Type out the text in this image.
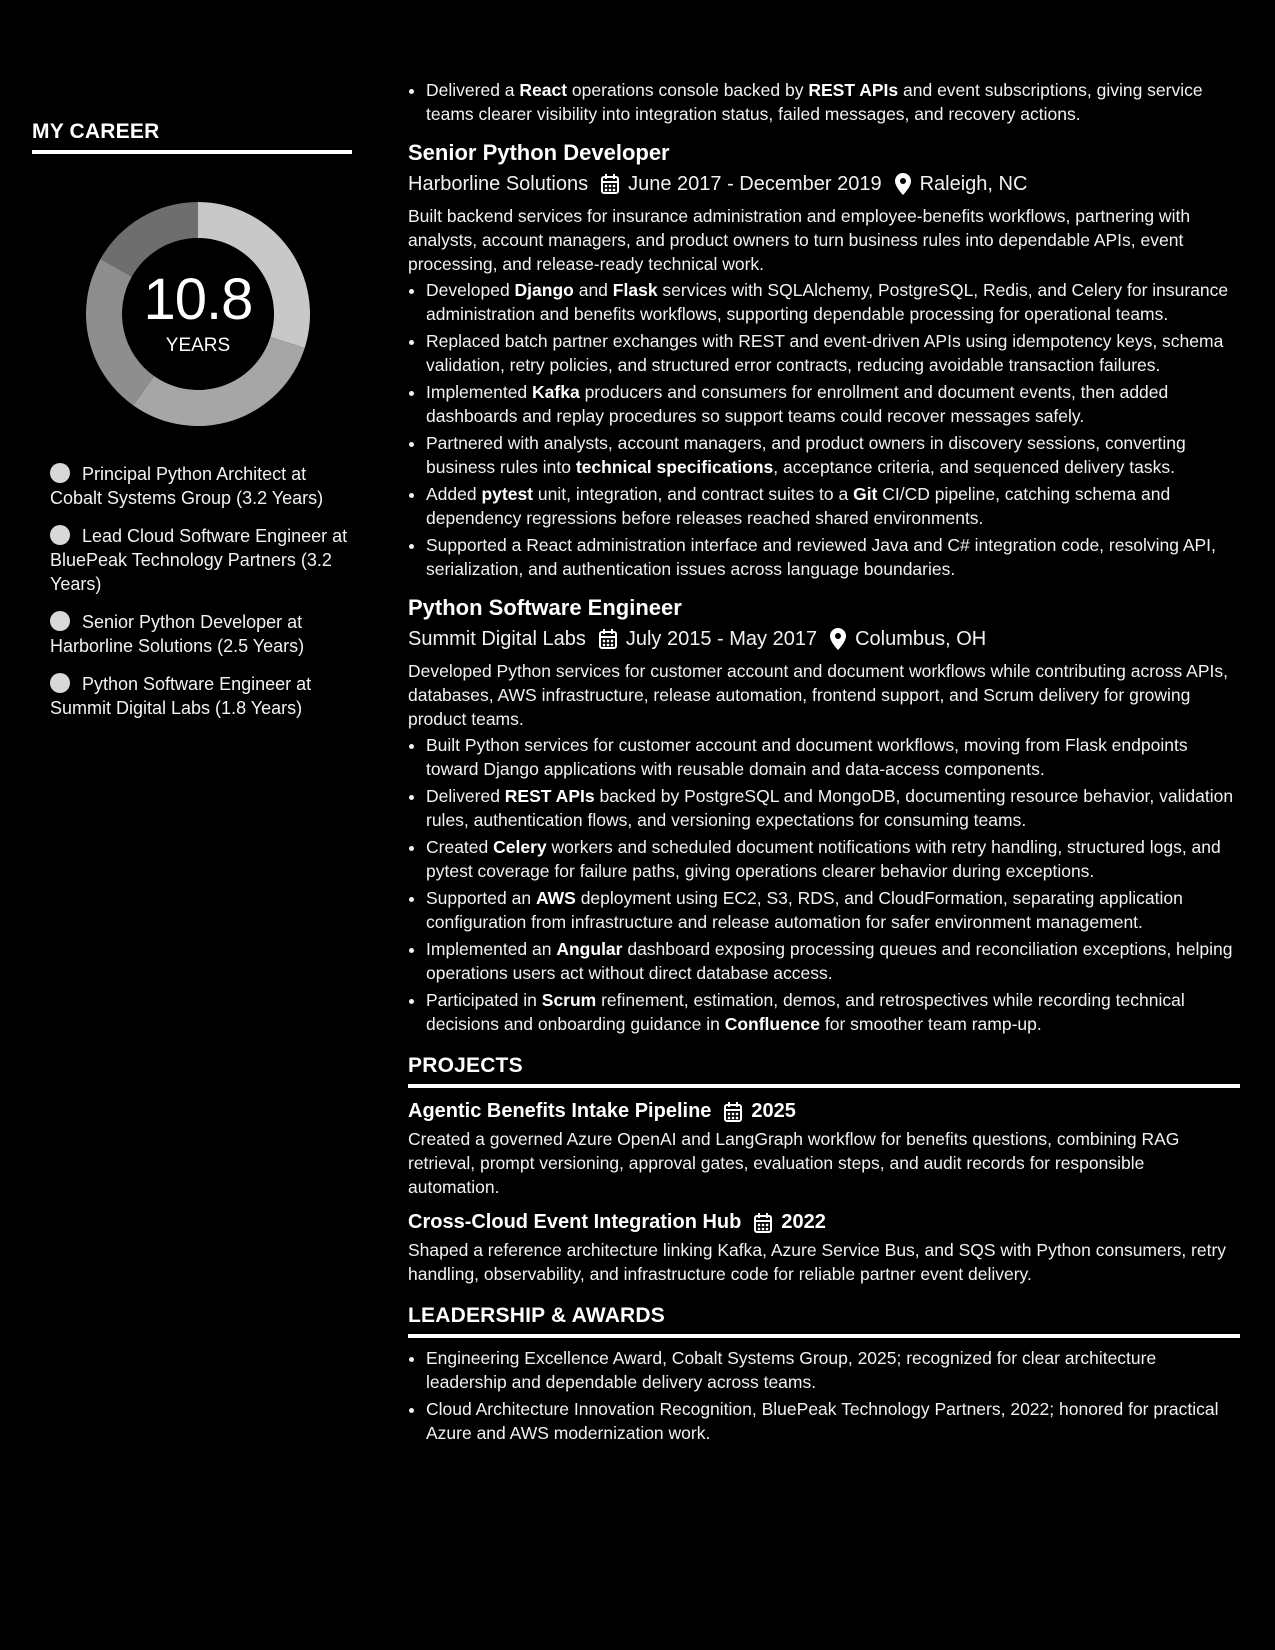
MY CAREER
10.8
YEARS
Principal Python Architect at Cobalt Systems Group (3.2 Years)
Lead Cloud Software Engineer at BluePeak Technology Partners (3.2 Years)
Senior Python Developer at Harborline Solutions (2.5 Years)
Python Software Engineer at Summit Digital Labs (1.8 Years)
• Delivered a React operations console backed by REST APIs and event subscriptions, giving service teams clearer visibility into integration status, failed messages, and recovery actions.
Senior Python Developer
Harborline Solutions June 2017 - December 2019 Raleigh, NC

Built backend services for insurance administration and employee-benefits workflows, partnering with analysts, account managers, and product owners to turn business rules into dependable APIs, event processing, and release-ready technical work.

• Developed Django and Flask services with SQLAlchemy, PostgreSQL, Redis, and Celery for insurance administration and benefits workflows, supporting dependable processing for operational teams.
• Replaced batch partner exchanges with REST and event-driven APIs using idempotency keys, schema validation, retry policies, and structured error contracts, reducing avoidable transaction failures.
• Implemented Kafka producers and consumers for enrollment and document events, then added dashboards and replay procedures so support teams could recover messages safely.
• Partnered with analysts, account managers, and product owners in discovery sessions, converting business rules into technical specifications, acceptance criteria, and sequenced delivery tasks.
• Added pytest unit, integration, and contract suites to a Git CI/CD pipeline, catching schema and dependency regressions before releases reached shared environments.
• Supported a React administration interface and reviewed Java and C# integration code, resolving API, serialization, and authentication issues across language boundaries.
Python Software Engineer
Summit Digital Labs July 2015 - May 2017 Columbus, OH

Developed Python services for customer account and document workflows while contributing across APIs, databases, AWS infrastructure, release automation, frontend support, and Scrum delivery for growing product teams.

• Built Python services for customer account and document workflows, moving from Flask endpoints toward Django applications with reusable domain and data-access components.
• Delivered REST APIs backed by PostgreSQL and MongoDB, documenting resource behavior, validation rules, authentication flows, and versioning expectations for consuming teams.
• Created Celery workers and scheduled document notifications with retry handling, structured logs, and pytest coverage for failure paths, giving operations clearer behavior during exceptions.
• Supported an AWS deployment using EC2, S3, RDS, and CloudFormation, separating application configuration from infrastructure and release automation for safer environment management.
• Implemented an Angular dashboard exposing processing queues and reconciliation exceptions, helping operations users act without direct database access.
• Participated in Scrum refinement, estimation, demos, and retrospectives while recording technical decisions and onboarding guidance in Confluence for smoother team ramp-up.
PROJECTS
Agentic Benefits Intake Pipeline 2025

Created a governed Azure OpenAI and LangGraph workflow for benefits questions, combining RAG retrieval, prompt versioning, approval gates, evaluation steps, and audit records for responsible automation.

Cross-Cloud Event Integration Hub 2022

Shaped a reference architecture linking Kafka, Azure Service Bus, and SQS with Python consumers, retry handling, observability, and infrastructure code for reliable partner event delivery.

LEADERSHIP & AWARDS
• Engineering Excellence Award, Cobalt Systems Group, 2025; recognized for clear architecture leadership and dependable delivery across teams.
• Cloud Architecture Innovation Recognition, BluePeak Technology Partners, 2022; honored for practical Azure and AWS modernization work.
